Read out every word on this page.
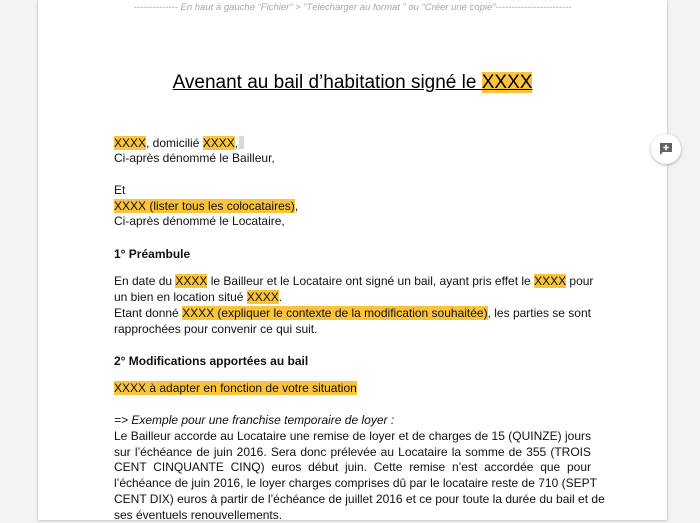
-------------- En haut à gauche “Fichier” > “Télécharger au format ” ou “Créer une copie”------------------------
Avenant au bail d’habitation signé le XXXX
XXXX, domicilié XXXX,
Ci-après dénommé le Bailleur,
Et
XXXX (lister tous les colocataires),
Ci-après dénommé le Locataire,
1° Préambule
En date du XXXX le Bailleur et le Locataire ont signé un bail, ayant pris effet le XXXX pour
un bien en location situé XXXX.
Etant donné XXXX (expliquer le contexte de la modification souhaitée), les parties se sont
rapprochées pour convenir ce qui suit.
2° Modifications apportées au bail
XXXX à adapter en fonction de votre situation
=> Exemple pour une franchise temporaire de loyer :
Le Bailleur accorde au Locataire une remise de loyer et de charges de 15 (QUINZE) jours
sur l’échéance de juin 2016. Sera donc prélevée au Locataire la somme de 355 (TROIS
CENT CINQUANTE CINQ) euros début juin. Cette remise n’est accordée que pour
l’échéance de juin 2016, le loyer charges comprises dû par le locataire reste de 710 (SEPT
CENT DIX) euros à partir de l’échéance de juillet 2016 et ce pour toute la durée du bail et de
ses éventuels renouvellements.
